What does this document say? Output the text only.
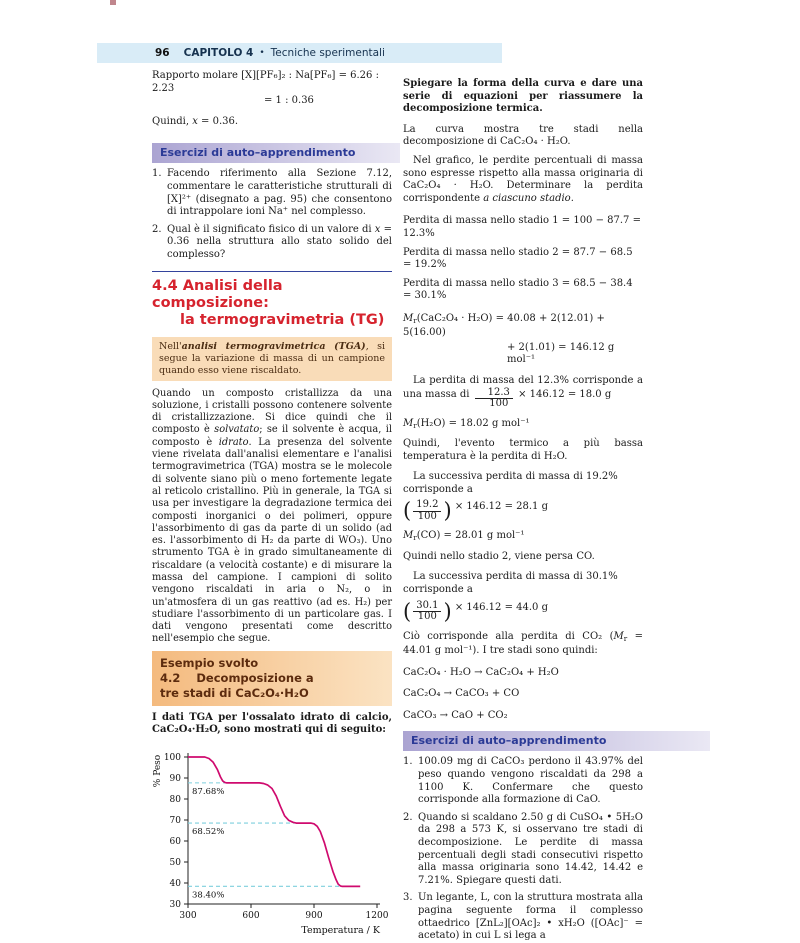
96 CAPITOLO 4 • Tecniche sperimentali

Rapporto molare [X][PF₆]₂ : Na[PF₆] = 6.26 : 2.23

= 1 : 0.36

Quindi, x = 0.36.

Esercizi di auto–apprendimento
1. Facendo riferimento alla Sezione 7.12, commentare le caratteristiche strutturali di [X]²⁺ (disegnato a pag. 95) che consentono di intrappolare ioni Na⁺ nel complesso.
2. Qual è il significato fisico di un valore di x = 0.36 nella struttura allo stato solido del complesso?
4.4 Analisi della composizione:
la termogravimetria (TG)
Nell'analisi termogravimetrica (TGA), si segue la variazione di massa di un campione quando esso viene riscaldato.

Quando un composto cristallizza da una soluzione, i cristalli possono contenere solvente di cristallizzazione. Si dice quindi che il composto è solvatato; se il solvente è acqua, il composto è idrato. La presenza del solvente viene rivelata dall'analisi elementare e l'analisi termogravimetrica (TGA) mostra se le molecole di solvente siano più o meno fortemente legate al reticolo cristallino. Più in generale, la TGA si usa per investigare la degradazione termica dei composti inorganici o dei polimeri, oppure l'assorbimento di gas da parte di un solido (ad es. l'assorbimento di H₂ da parte di WO₃). Uno strumento TGA è in grado simultaneamente di riscaldare (a velocità costante) e di misurare la massa del campione. I campioni di solito vengono riscaldati in aria o N₂, o in un'atmosfera di un gas reattivo (ad es. H₂) per studiare l'assorbimento di un particolare gas. I dati vengono presentati come descritto nell'esempio che segue.

Esempio svolto 4.2 Decomposizione a
tre stadi di CaC₂O₄·H₂O

I dati TGA per l'ossalato idrato di calcio, CaC₂O₄·H₂O, sono mostrati qui di seguito:

30
40
50
60
70
80
90
100
300	600	900	1200
87.68%
68.52%
38.40%
% Peso
Temperatura / K

Spiegare la forma della curva e dare una serie di equazioni per riassumere la decomposizione termica.

La curva mostra tre stadi nella decomposizione di CaC₂O₄ · H₂O.

Nel grafico, le perdite percentuali di massa sono espresse rispetto alla massa originaria di CaC₂O₄ · H₂O. Determinare la perdita corrispondente a ciascuno stadio.

Perdita di massa nello stadio 1 = 100 − 87.7 = 12.3%

Perdita di massa nello stadio 2 = 87.7 − 68.5 = 19.2%

Perdita di massa nello stadio 3 = 68.5 − 38.4 = 30.1%

Mr(CaC₂O₄ · H₂O) = 40.08 + 2(12.01) + 5(16.00)

+ 2(1.01) = 146.12 g mol⁻¹

La perdita di massa del 12.3% corrisponde a una massa di $\frac{12.3}{100} \times 146.12 = 18.0$ g

Mr(H₂O) = 18.02 g mol⁻¹

Quindi, l'evento termico a più bassa temperatura è la perdita di H₂O.

La successiva perdita di massa di 19.2% corrisponde a

( $\frac{19.2}{100}$ ) × 146.12 = 28.1 g

Mr(CO) = 28.01 g mol⁻¹

Quindi nello stadio 2, viene persa CO.

La successiva perdita di massa di 30.1% corrisponde a

( $\frac{30.1}{100}$ ) × 146.12 = 44.0 g

Ciò corrisponde alla perdita di CO₂ (Mr = 44.01 g mol⁻¹). I tre stadi sono quindi:

CaC₂O₄ · H₂O → CaC₂O₄ + H₂O

CaC₂O₄ → CaCO₃ + CO

CaCO₃ → CaO + CO₂

Esercizi di auto–apprendimento
1. 100.09 mg di CaCO₃ perdono il 43.97% del peso quando vengono riscaldati da 298 a 1100 K. Confermare che questo corrisponde alla formazione di CaO.
2. Quando si scaldano 2.50 g di CuSO₄ • 5H₂O da 298 a 573 K, si osservano tre stadi di decomposizione. Le perdite di massa percentuali degli stadi consecutivi rispetto alla massa originaria sono 14.42, 14.42 e 7.21%. Spiegare questi dati.
3. Un legante, L, con la struttura mostrata alla pagina seguente forma il complesso ottaedrico [ZnL₂][OAc]₂ • xH₂O ([OAc]⁻ = acetato) in cui L si lega a
